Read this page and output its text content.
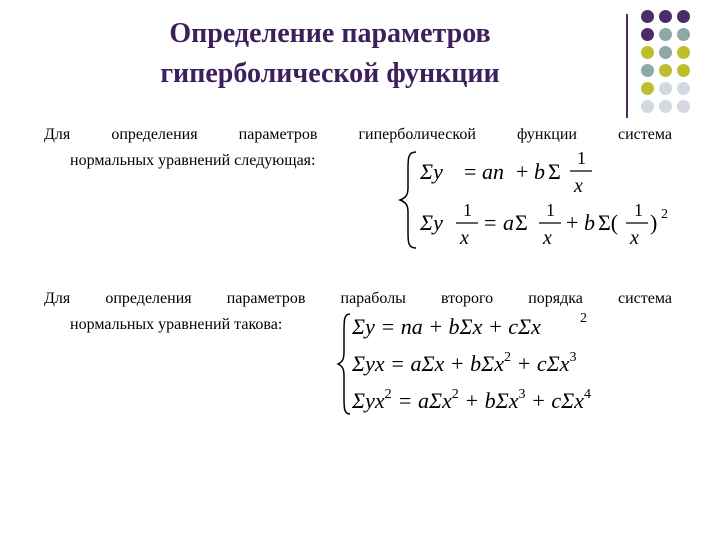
Определение параметров
гиперболической функции
Для	определения	параметров	гиперболической	функции	система
нормальных уравнений следующая:	Σy = an + b Σ
1
x
Σy 1
x
= a Σ 1
x
+ b Σ( 1
x
) 2
Для определения параметров параболы второго порядка система
нормальных уравнений такова:	Σy = na + bΣx + cΣx	2
Σyx = aΣx + bΣx$^2$ + cΣx$^3$
Σyx$^2$ = aΣx$^2$ + bΣx$^3$ + cΣx$^4$
